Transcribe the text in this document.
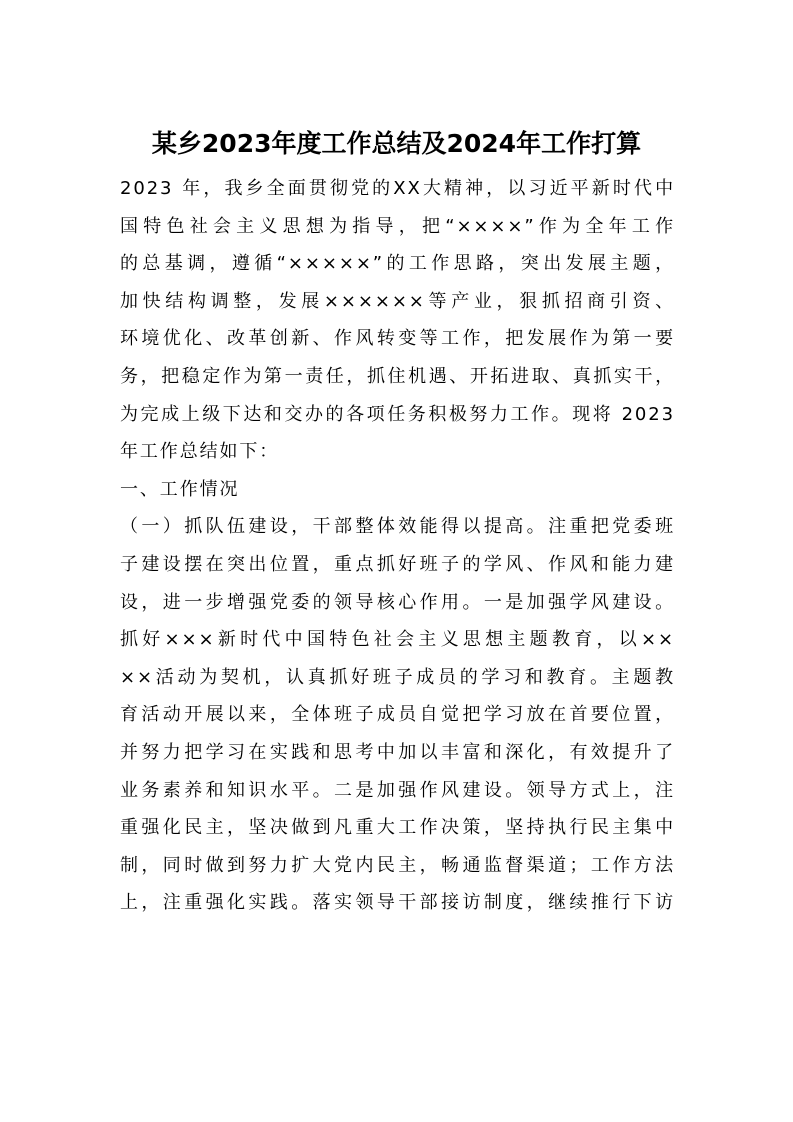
某乡2023年度工作总结及2024年工作打算
2023 年，我乡全面贯彻党的XX大精神，以习近平新时代中
国特色社会主义思想为指导，把“××××”作为全年工作
的总基调，遵循“×××××”的工作思路，突出发展主题，
加快结构调整，发展××××××等产业，狠抓招商引资、
环境优化、改革创新、作风转变等工作，把发展作为第一要
务，把稳定作为第一责任，抓住机遇、开拓进取、真抓实干，
为完成上级下达和交办的各项任务积极努力工作。现将 2023
年工作总结如下：
一、工作情况
（一）抓队伍建设，干部整体效能得以提高。注重把党委班
子建设摆在突出位置，重点抓好班子的学风、作风和能力建
设，进一步增强党委的领导核心作用。一是加强学风建设。
抓好×××新时代中国特色社会主义思想主题教育，以××
××活动为契机，认真抓好班子成员的学习和教育。主题教
育活动开展以来，全体班子成员自觉把学习放在首要位置，
并努力把学习在实践和思考中加以丰富和深化，有效提升了
业务素养和知识水平。二是加强作风建设。领导方式上，注
重强化民主，坚决做到凡重大工作决策，坚持执行民主集中
制，同时做到努力扩大党内民主，畅通监督渠道；工作方法
上，注重强化实践。落实领导干部接访制度，继续推行下访
